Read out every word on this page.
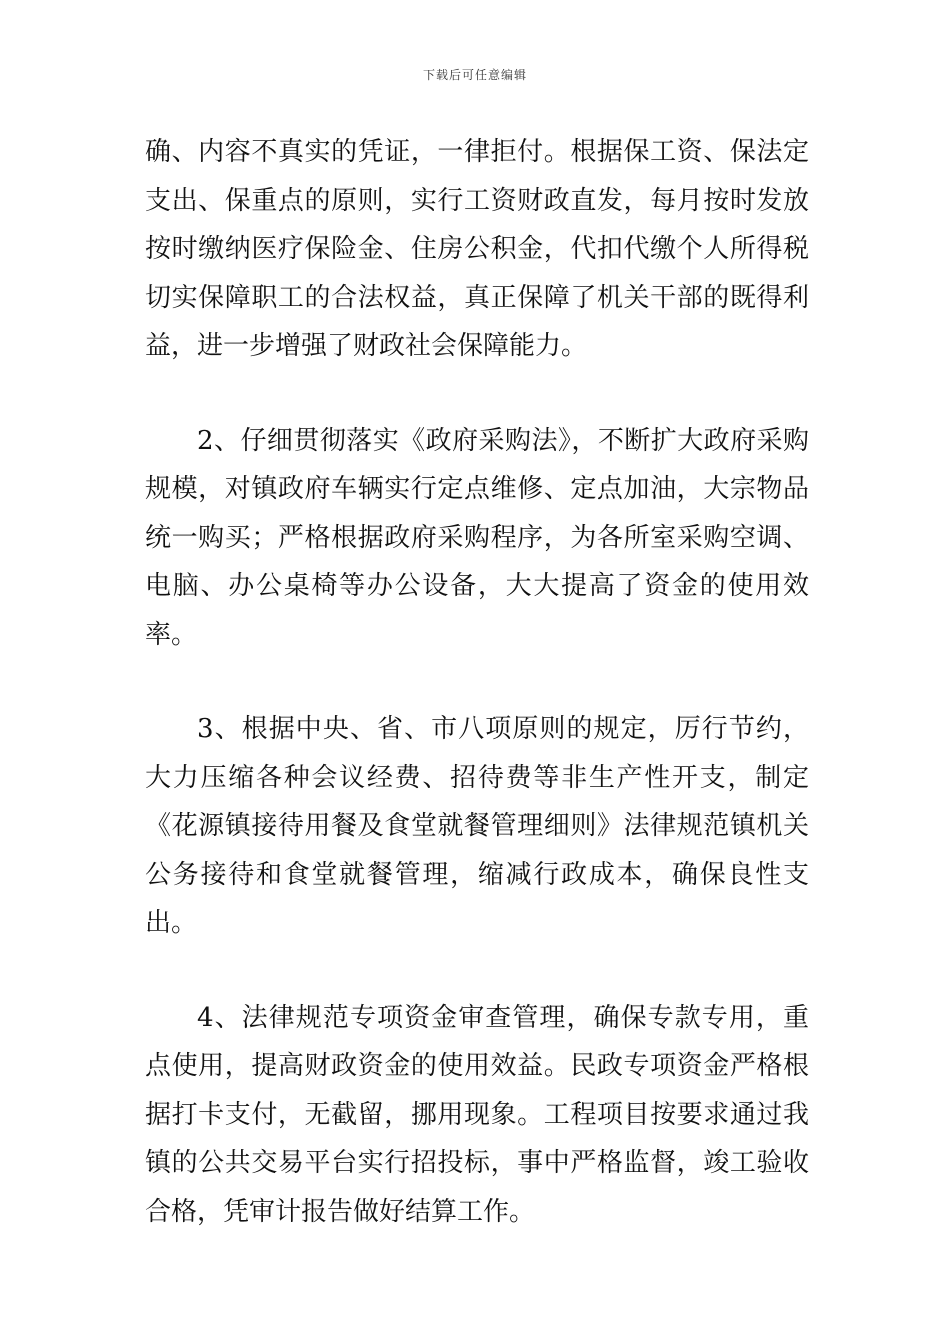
下载后可任意编辑

确、内容不真实的凭证，一律拒付。根据保工资、保法定支出、保重点的原则，实行工资财政直发，每月按时发放按时缴纳医疗保险金、住房公积金，代扣代缴个人所得税切实保障职工的合法权益，真正保障了机关干部的既得利益，进一步增强了财政社会保障能力。

2、仔细贯彻落实《政府采购法》，不断扩大政府采购规模，对镇政府车辆实行定点维修、定点加油，大宗物品统一购买；严格根据政府采购程序，为各所室采购空调、电脑、办公桌椅等办公设备，大大提高了资金的使用效率。

3、根据中央、省、市八项原则的规定，厉行节约，大力压缩各种会议经费、招待费等非生产性开支，制定《花源镇接待用餐及食堂就餐管理细则》法律规范镇机关公务接待和食堂就餐管理，缩减行政成本，确保良性支出。

4、法律规范专项资金审查管理，确保专款专用，重点使用，提高财政资金的使用效益。民政专项资金严格根据打卡支付，无截留，挪用现象。工程项目按要求通过我镇的公共交易平台实行招投标，事中严格监督，竣工验收合格，凭审计报告做好结算工作。
